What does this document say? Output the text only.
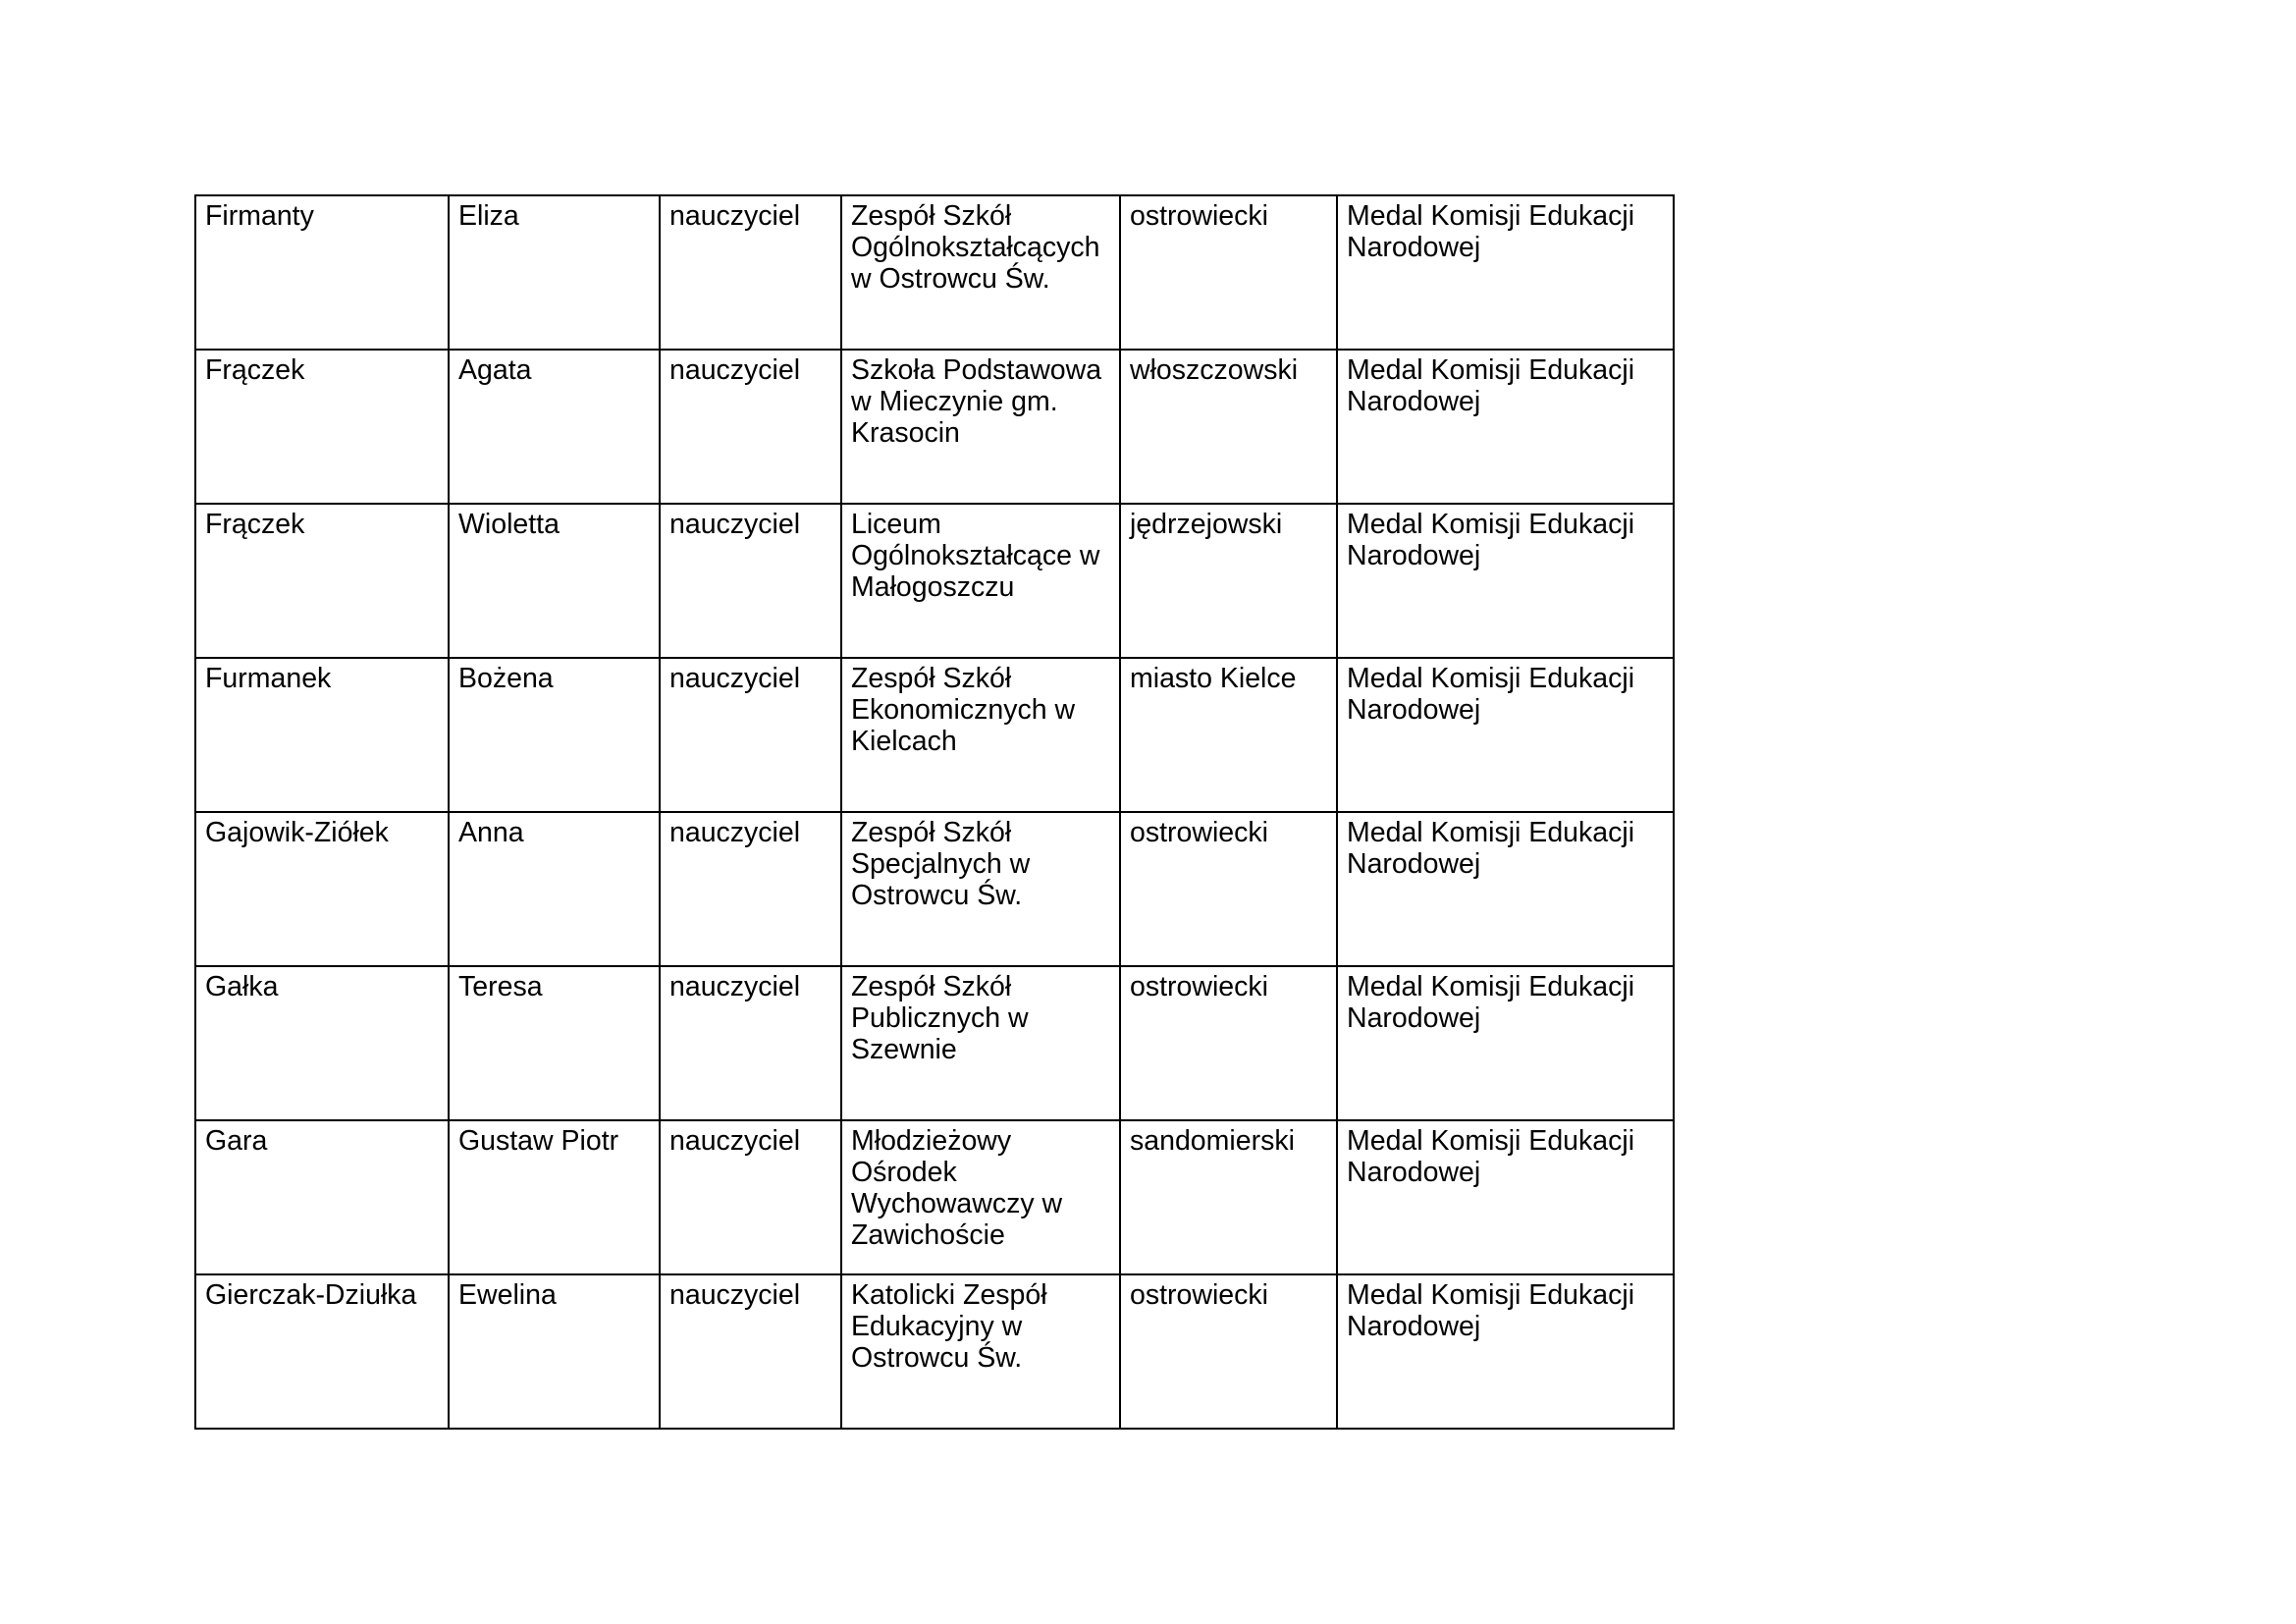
Firmanty	Eliza	nauczyciel	Zespół Szkół Ogólnokształcących w Ostrowcu Św.	ostrowiecki	Medal Komisji Edukacji Narodowej
Frączek	Agata	nauczyciel	Szkoła Podstawowa w Mieczynie gm. Krasocin	włoszczowski	Medal Komisji Edukacji Narodowej
Frączek	Wioletta	nauczyciel	Liceum Ogólnokształcące w Małogoszczu	jędrzejowski	Medal Komisji Edukacji Narodowej
Furmanek	Bożena	nauczyciel	Zespół Szkół Ekonomicznych w Kielcach	miasto Kielce	Medal Komisji Edukacji Narodowej
Gajowik-Ziółek	Anna	nauczyciel	Zespół Szkół Specjalnych w Ostrowcu Św.	ostrowiecki	Medal Komisji Edukacji Narodowej
Gałka	Teresa	nauczyciel	Zespół Szkół Publicznych w Szewnie	ostrowiecki	Medal Komisji Edukacji Narodowej
Gara	Gustaw Piotr	nauczyciel	Młodzieżowy Ośrodek Wychowawczy w Zawichoście	sandomierski	Medal Komisji Edukacji Narodowej
Gierczak-Dziułka	Ewelina	nauczyciel	Katolicki Zespół Edukacyjny w Ostrowcu Św.	ostrowiecki	Medal Komisji Edukacji Narodowej
